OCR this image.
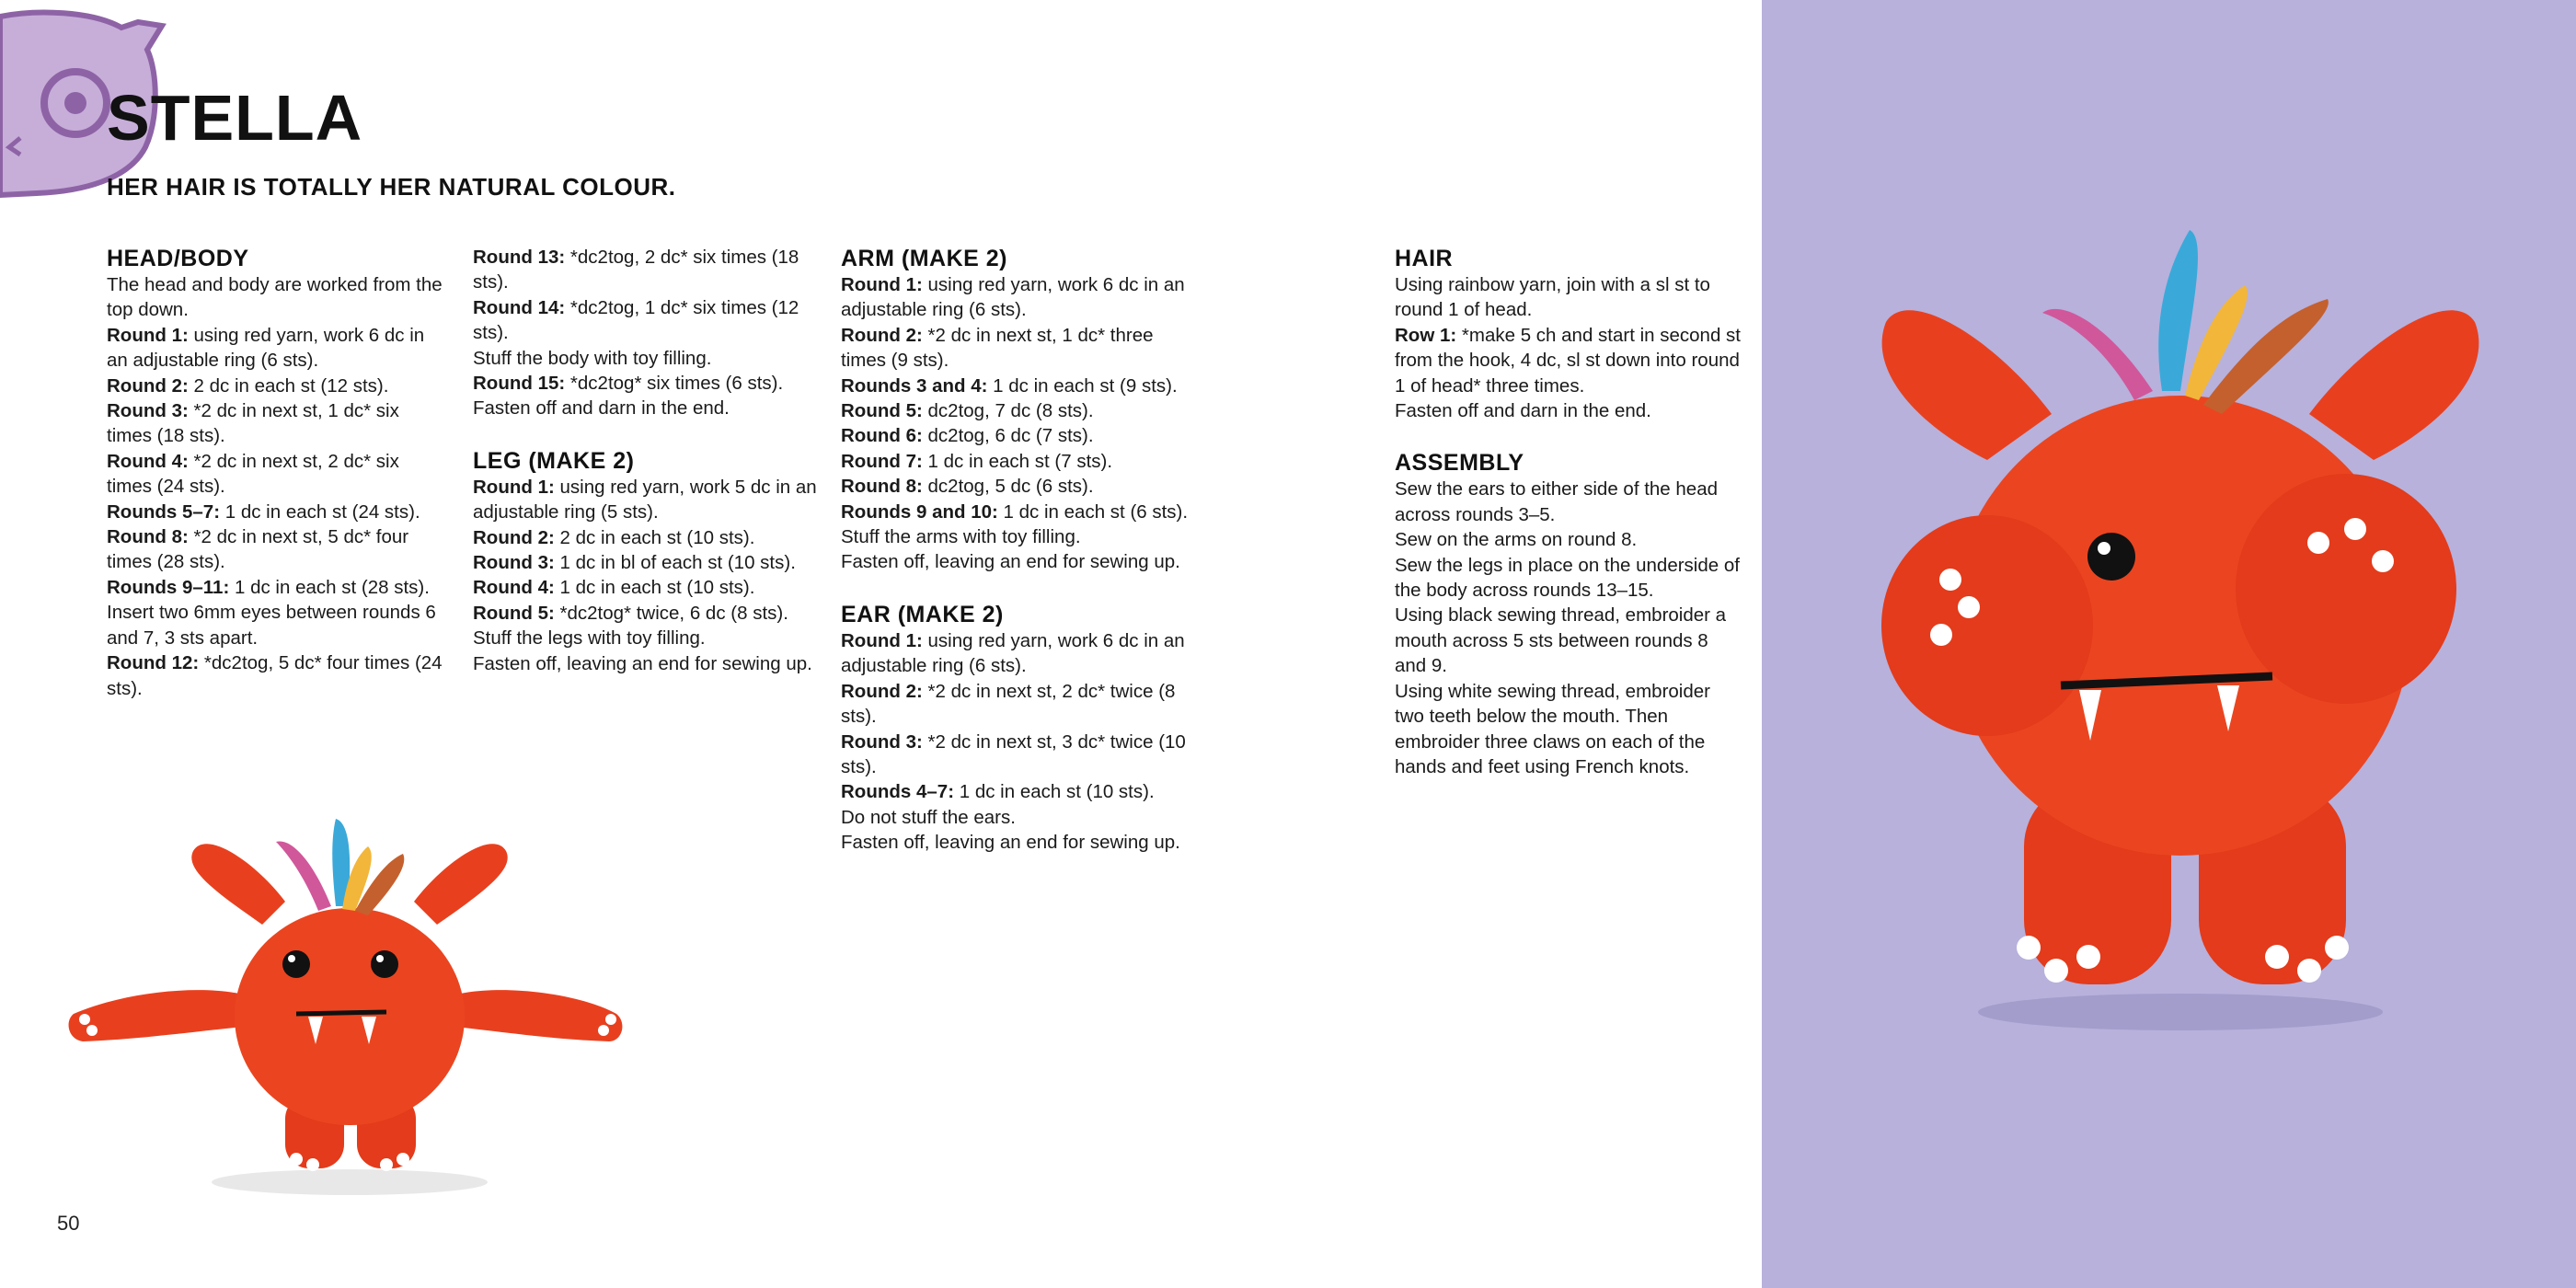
STELLA
HER HAIR IS TOTALLY HER NATURAL COLOUR.
HEAD/BODY
The head and body are worked from the top down.
Round 1: using red yarn, work 6 dc in an adjustable ring (6 sts).
Round 2: 2 dc in each st (12 sts).
Round 3: *2 dc in next st, 1 dc* six times (18 sts).
Round 4: *2 dc in next st, 2 dc* six times (24 sts).
Rounds 5–7: 1 dc in each st (24 sts).
Round 8: *2 dc in next st, 5 dc* four times (28 sts).
Rounds 9–11: 1 dc in each st (28 sts).
Insert two 6mm eyes between rounds 6 and 7, 3 sts apart.
Round 12: *dc2tog, 5 dc* four times (24 sts).
Round 13: *dc2tog, 2 dc* six times (18 sts).
Round 14: *dc2tog, 1 dc* six times (12 sts).
Stuff the body with toy filling.
Round 15: *dc2tog* six times (6 sts).
Fasten off and darn in the end.
LEG (MAKE 2)
Round 1: using red yarn, work 5 dc in an adjustable ring (5 sts).
Round 2: 2 dc in each st (10 sts).
Round 3: 1 dc in bl of each st (10 sts).
Round 4: 1 dc in each st (10 sts).
Round 5: *dc2tog* twice, 6 dc (8 sts).
Stuff the legs with toy filling.
Fasten off, leaving an end for sewing up.
ARM (MAKE 2)
Round 1: using red yarn, work 6 dc in an adjustable ring (6 sts).
Round 2: *2 dc in next st, 1 dc* three times (9 sts).
Rounds 3 and 4: 1 dc in each st (9 sts).
Round 5: dc2tog, 7 dc (8 sts).
Round 6: dc2tog, 6 dc (7 sts).
Round 7: 1 dc in each st (7 sts).
Round 8: dc2tog, 5 dc (6 sts).
Rounds 9 and 10: 1 dc in each st (6 sts).
Stuff the arms with toy filling.
Fasten off, leaving an end for sewing up.
EAR (MAKE 2)
Round 1: using red yarn, work 6 dc in an adjustable ring (6 sts).
Round 2: *2 dc in next st, 2 dc* twice (8 sts).
Round 3: *2 dc in next st, 3 dc* twice (10 sts).
Rounds 4–7: 1 dc in each st (10 sts).
Do not stuff the ears.
Fasten off, leaving an end for sewing up.
HAIR
Using rainbow yarn, join with a sl st to round 1 of head.
Row 1: *make 5 ch and start in second st from the hook, 4 dc, sl st down into round 1 of head* three times.
Fasten off and darn in the end.
ASSEMBLY
Sew the ears to either side of the head across rounds 3–5.
Sew on the arms on round 8.
Sew the legs in place on the underside of the body across rounds 13–15.
Using black sewing thread, embroider a mouth across 5 sts between rounds 8 and 9.
Using white sewing thread, embroider two teeth below the mouth. Then embroider three claws on each of the hands and feet using French knots.

50
